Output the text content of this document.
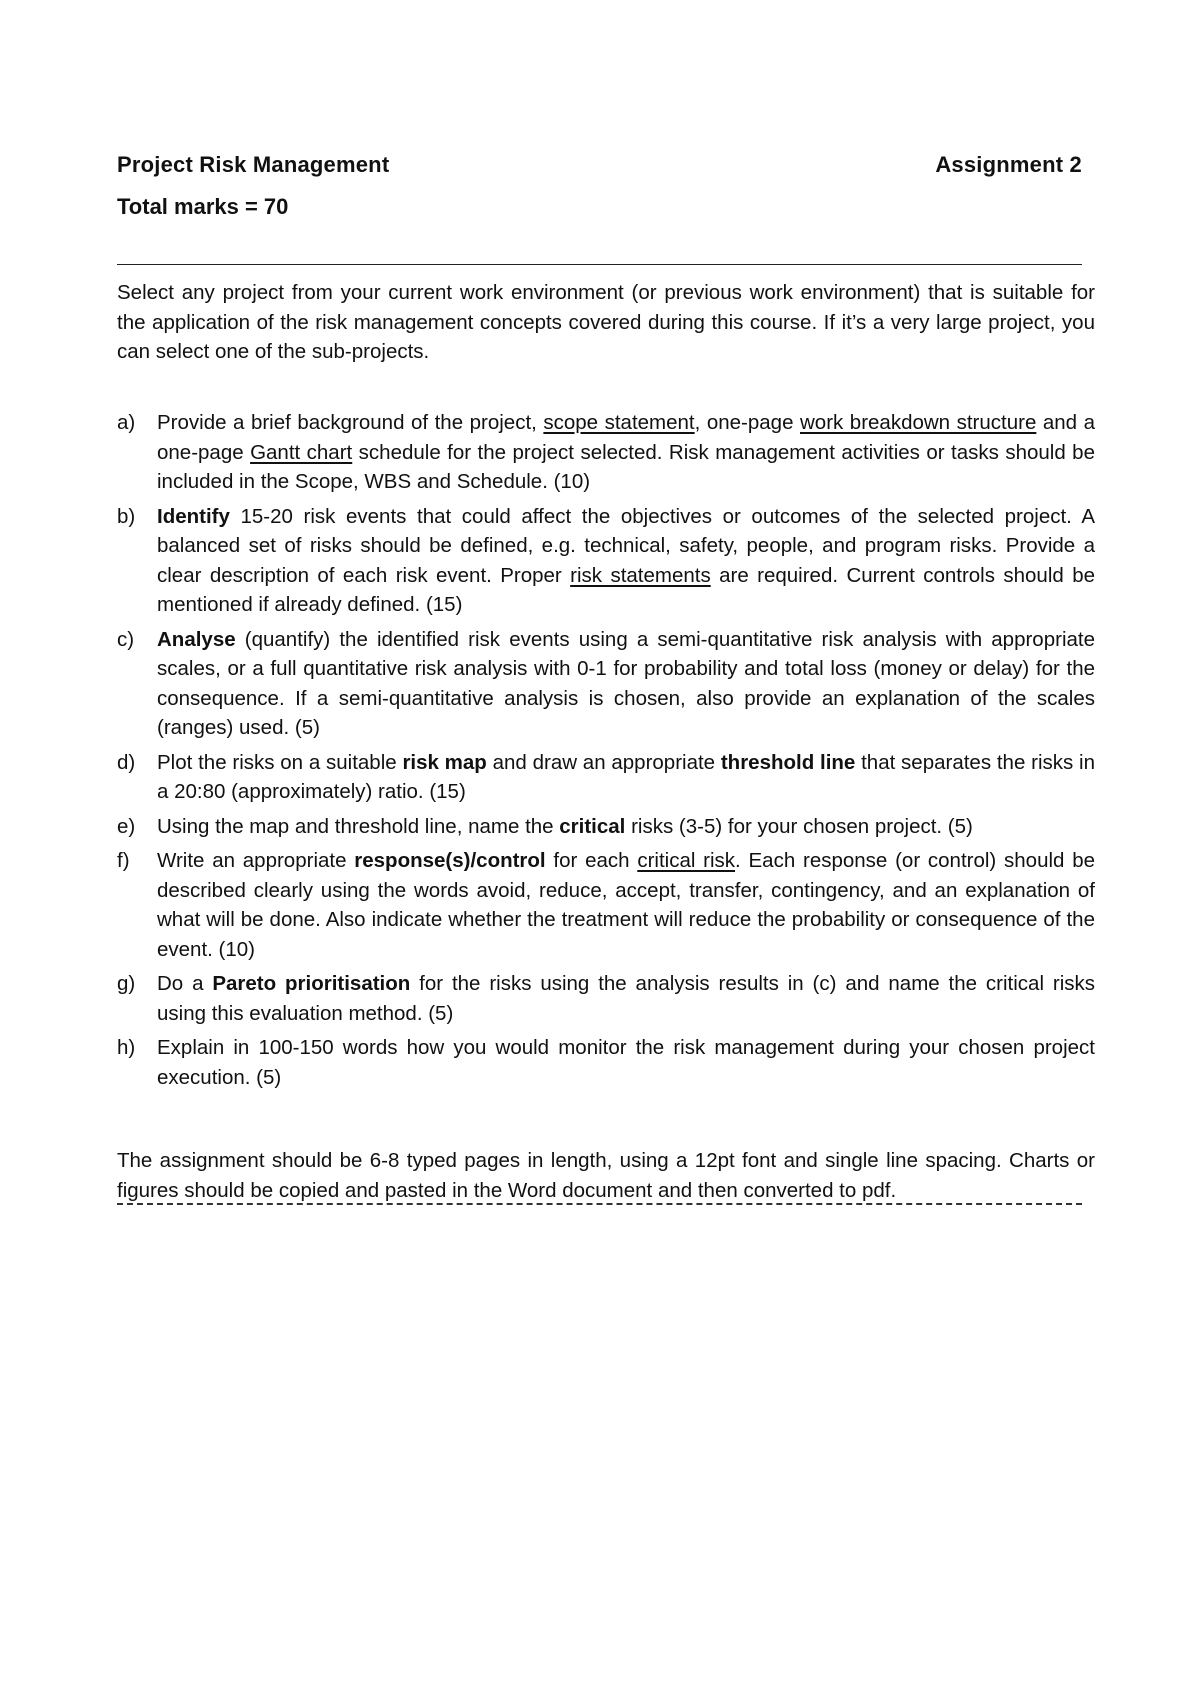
Project Risk Management	Assignment 2
Total marks = 70
Select any project from your current work environment (or previous work environment) that is suitable for the application of the risk management concepts covered during this course. If it’s a very large project, you can select one of the sub-projects.
a)	Provide a brief background of the project, scope statement, one-page work breakdown structure and a one-page Gantt chart schedule for the project selected. Risk management activities or tasks should be included in the Scope, WBS and Schedule. (10)
b)	Identify 15-20 risk events that could affect the objectives or outcomes of the selected project. A balanced set of risks should be defined, e.g. technical, safety, people, and program risks. Provide a clear description of each risk event. Proper risk statements are required. Current controls should be mentioned if already defined. (15)
c)	Analyse (quantify) the identified risk events using a semi-quantitative risk analysis with appropriate scales, or a full quantitative risk analysis with 0-1 for probability and total loss (money or delay) for the consequence. If a semi-quantitative analysis is chosen, also provide an explanation of the scales (ranges) used. (5)
d)	Plot the risks on a suitable risk map and draw an appropriate threshold line that separates the risks in a 20:80 (approximately) ratio. (15)
e)	Using the map and threshold line, name the critical risks (3-5) for your chosen project. (5)
f)	Write an appropriate response(s)/control for each critical risk. Each response (or control) should be described clearly using the words avoid, reduce, accept, transfer, contingency, and an explanation of what will be done. Also indicate whether the treatment will reduce the probability or consequence of the event. (10)
g)	Do a Pareto prioritisation for the risks using the analysis results in (c) and name the critical risks using this evaluation method. (5)
h)	Explain in 100-150 words how you would monitor the risk management during your chosen project execution. (5)
The assignment should be 6-8 typed pages in length, using a 12pt font and single line spacing. Charts or figures should be copied and pasted in the Word document and then converted to pdf.
